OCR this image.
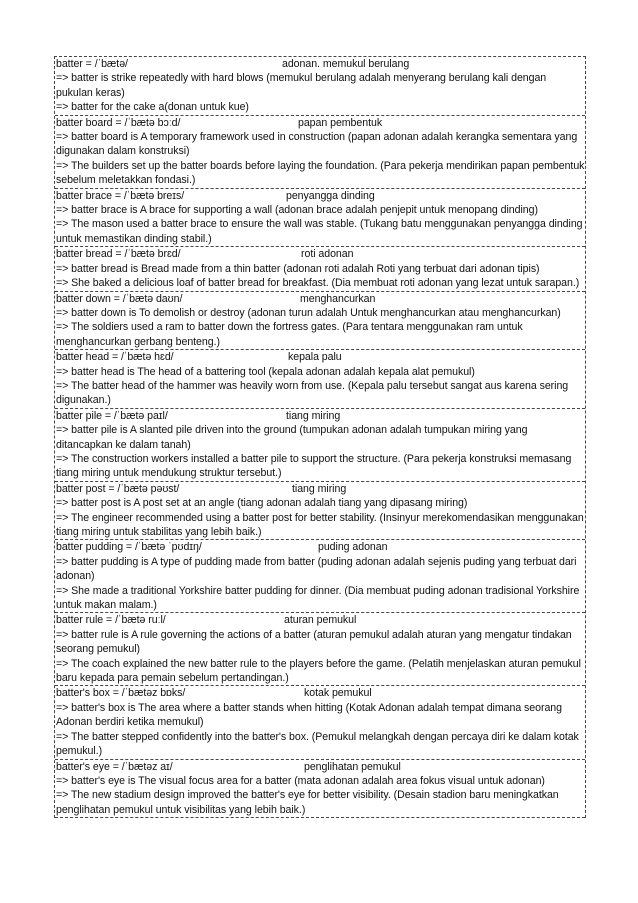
batter = /ˈbætə/	adonan. memukul berulang
=> batter is strike repeatedly with hard blows (memukul berulang adalah menyerang berulang kali dengan pukulan keras)
=> batter for the cake a(donan untuk kue)
batter board = /ˈbætə bɔːd/	papan pembentuk
=> batter board is A temporary framework used in construction (papan adonan adalah kerangka sementara yang digunakan dalam konstruksi)
=> The builders set up the batter boards before laying the foundation. (Para pekerja mendirikan papan pembentuk sebelum meletakkan fondasi.)
batter brace = /ˈbætə breɪs/	penyangga dinding
=> batter brace is A brace for supporting a wall (adonan brace adalah penjepit untuk menopang dinding)
=> The mason used a batter brace to ensure the wall was stable. (Tukang batu menggunakan penyangga dinding untuk memastikan dinding stabil.)
batter bread = /ˈbætə brɛd/	roti adonan
=> batter bread is Bread made from a thin batter (adonan roti adalah Roti yang terbuat dari adonan tipis)
=> She baked a delicious loaf of batter bread for breakfast. (Dia membuat roti adonan yang lezat untuk sarapan.)
batter down = /ˈbætə daʊn/	menghancurkan
=> batter down is To demolish or destroy (adonan turun adalah Untuk menghancurkan atau menghancurkan)
=> The soldiers used a ram to batter down the fortress gates. (Para tentara menggunakan ram untuk menghancurkan gerbang benteng.)
batter head = /ˈbætə hɛd/	kepala palu
=> batter head is The head of a battering tool (kepala adonan adalah kepala alat pemukul)
=> The batter head of the hammer was heavily worn from use. (Kepala palu tersebut sangat aus karena sering digunakan.)
batter pile = /ˈbætə paɪl/	tiang miring
=> batter pile is A slanted pile driven into the ground (tumpukan adonan adalah tumpukan miring yang ditancapkan ke dalam tanah)
=> The construction workers installed a batter pile to support the structure. (Para pekerja konstruksi memasang tiang miring untuk mendukung struktur tersebut.)
batter post = /ˈbætə pəʊst/	tiang miring
=> batter post is A post set at an angle (tiang adonan adalah tiang yang dipasang miring)
=> The engineer recommended using a batter post for better stability. (Insinyur merekomendasikan menggunakan tiang miring untuk stabilitas yang lebih baik.)
batter pudding = /ˈbætə ˈpʊdɪŋ/	puding adonan
=> batter pudding is A type of pudding made from batter (puding adonan adalah sejenis puding yang terbuat dari adonan)
=> She made a traditional Yorkshire batter pudding for dinner. (Dia membuat puding adonan tradisional Yorkshire untuk makan malam.)
batter rule = /ˈbætə ruːl/	aturan pemukul
=> batter rule is A rule governing the actions of a batter (aturan pemukul adalah aturan yang mengatur tindakan seorang pemukul)
=> The coach explained the new batter rule to the players before the game. (Pelatih menjelaskan aturan pemukul baru kepada para pemain sebelum pertandingan.)
batter's box = /ˈbætəz bɒks/	kotak pemukul
=> batter's box is The area where a batter stands when hitting (Kotak Adonan adalah tempat dimana seorang Adonan berdiri ketika memukul)
=> The batter stepped confidently into the batter's box. (Pemukul melangkah dengan percaya diri ke dalam kotak pemukul.)
batter's eye = /ˈbætəz aɪ/	penglihatan pemukul
=> batter's eye is The visual focus area for a batter (mata adonan adalah area fokus visual untuk adonan)
=> The new stadium design improved the batter's eye for better visibility. (Desain stadion baru meningkatkan penglihatan pemukul untuk visibilitas yang lebih baik.)
